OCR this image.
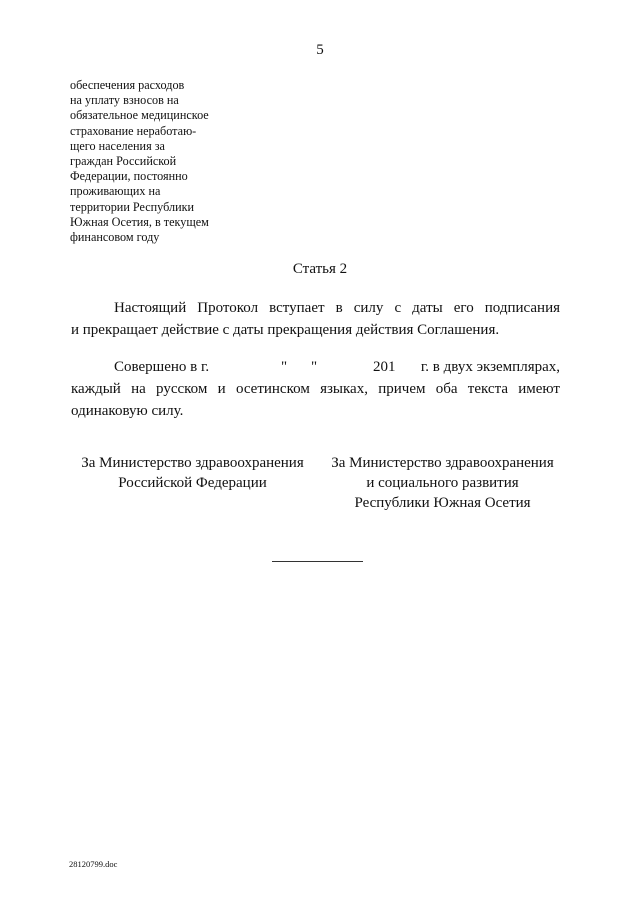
5
обеспечения расходов
на уплату взносов на
обязательное медицинское
страхование неработаю-
щего населения за
граждан Российской
Федерации, постоянно
проживающих на
территории Республики
Южная Осетия, в текущем
финансовом году
Статья 2
Настоящий Протокол вступает в силу с даты его подписания
и прекращает действие с даты прекращения действия Соглашения.
Совершено в г.	" "	201 г. в двух экземплярах,
каждый на русском и осетинском языках, причем оба текста имеют
одинаковую силу.
За Министерство здравоохранения
Российской Федерации
За Министерство здравоохранения
и социального развития
Республики Южная Осетия
28120799.doc
